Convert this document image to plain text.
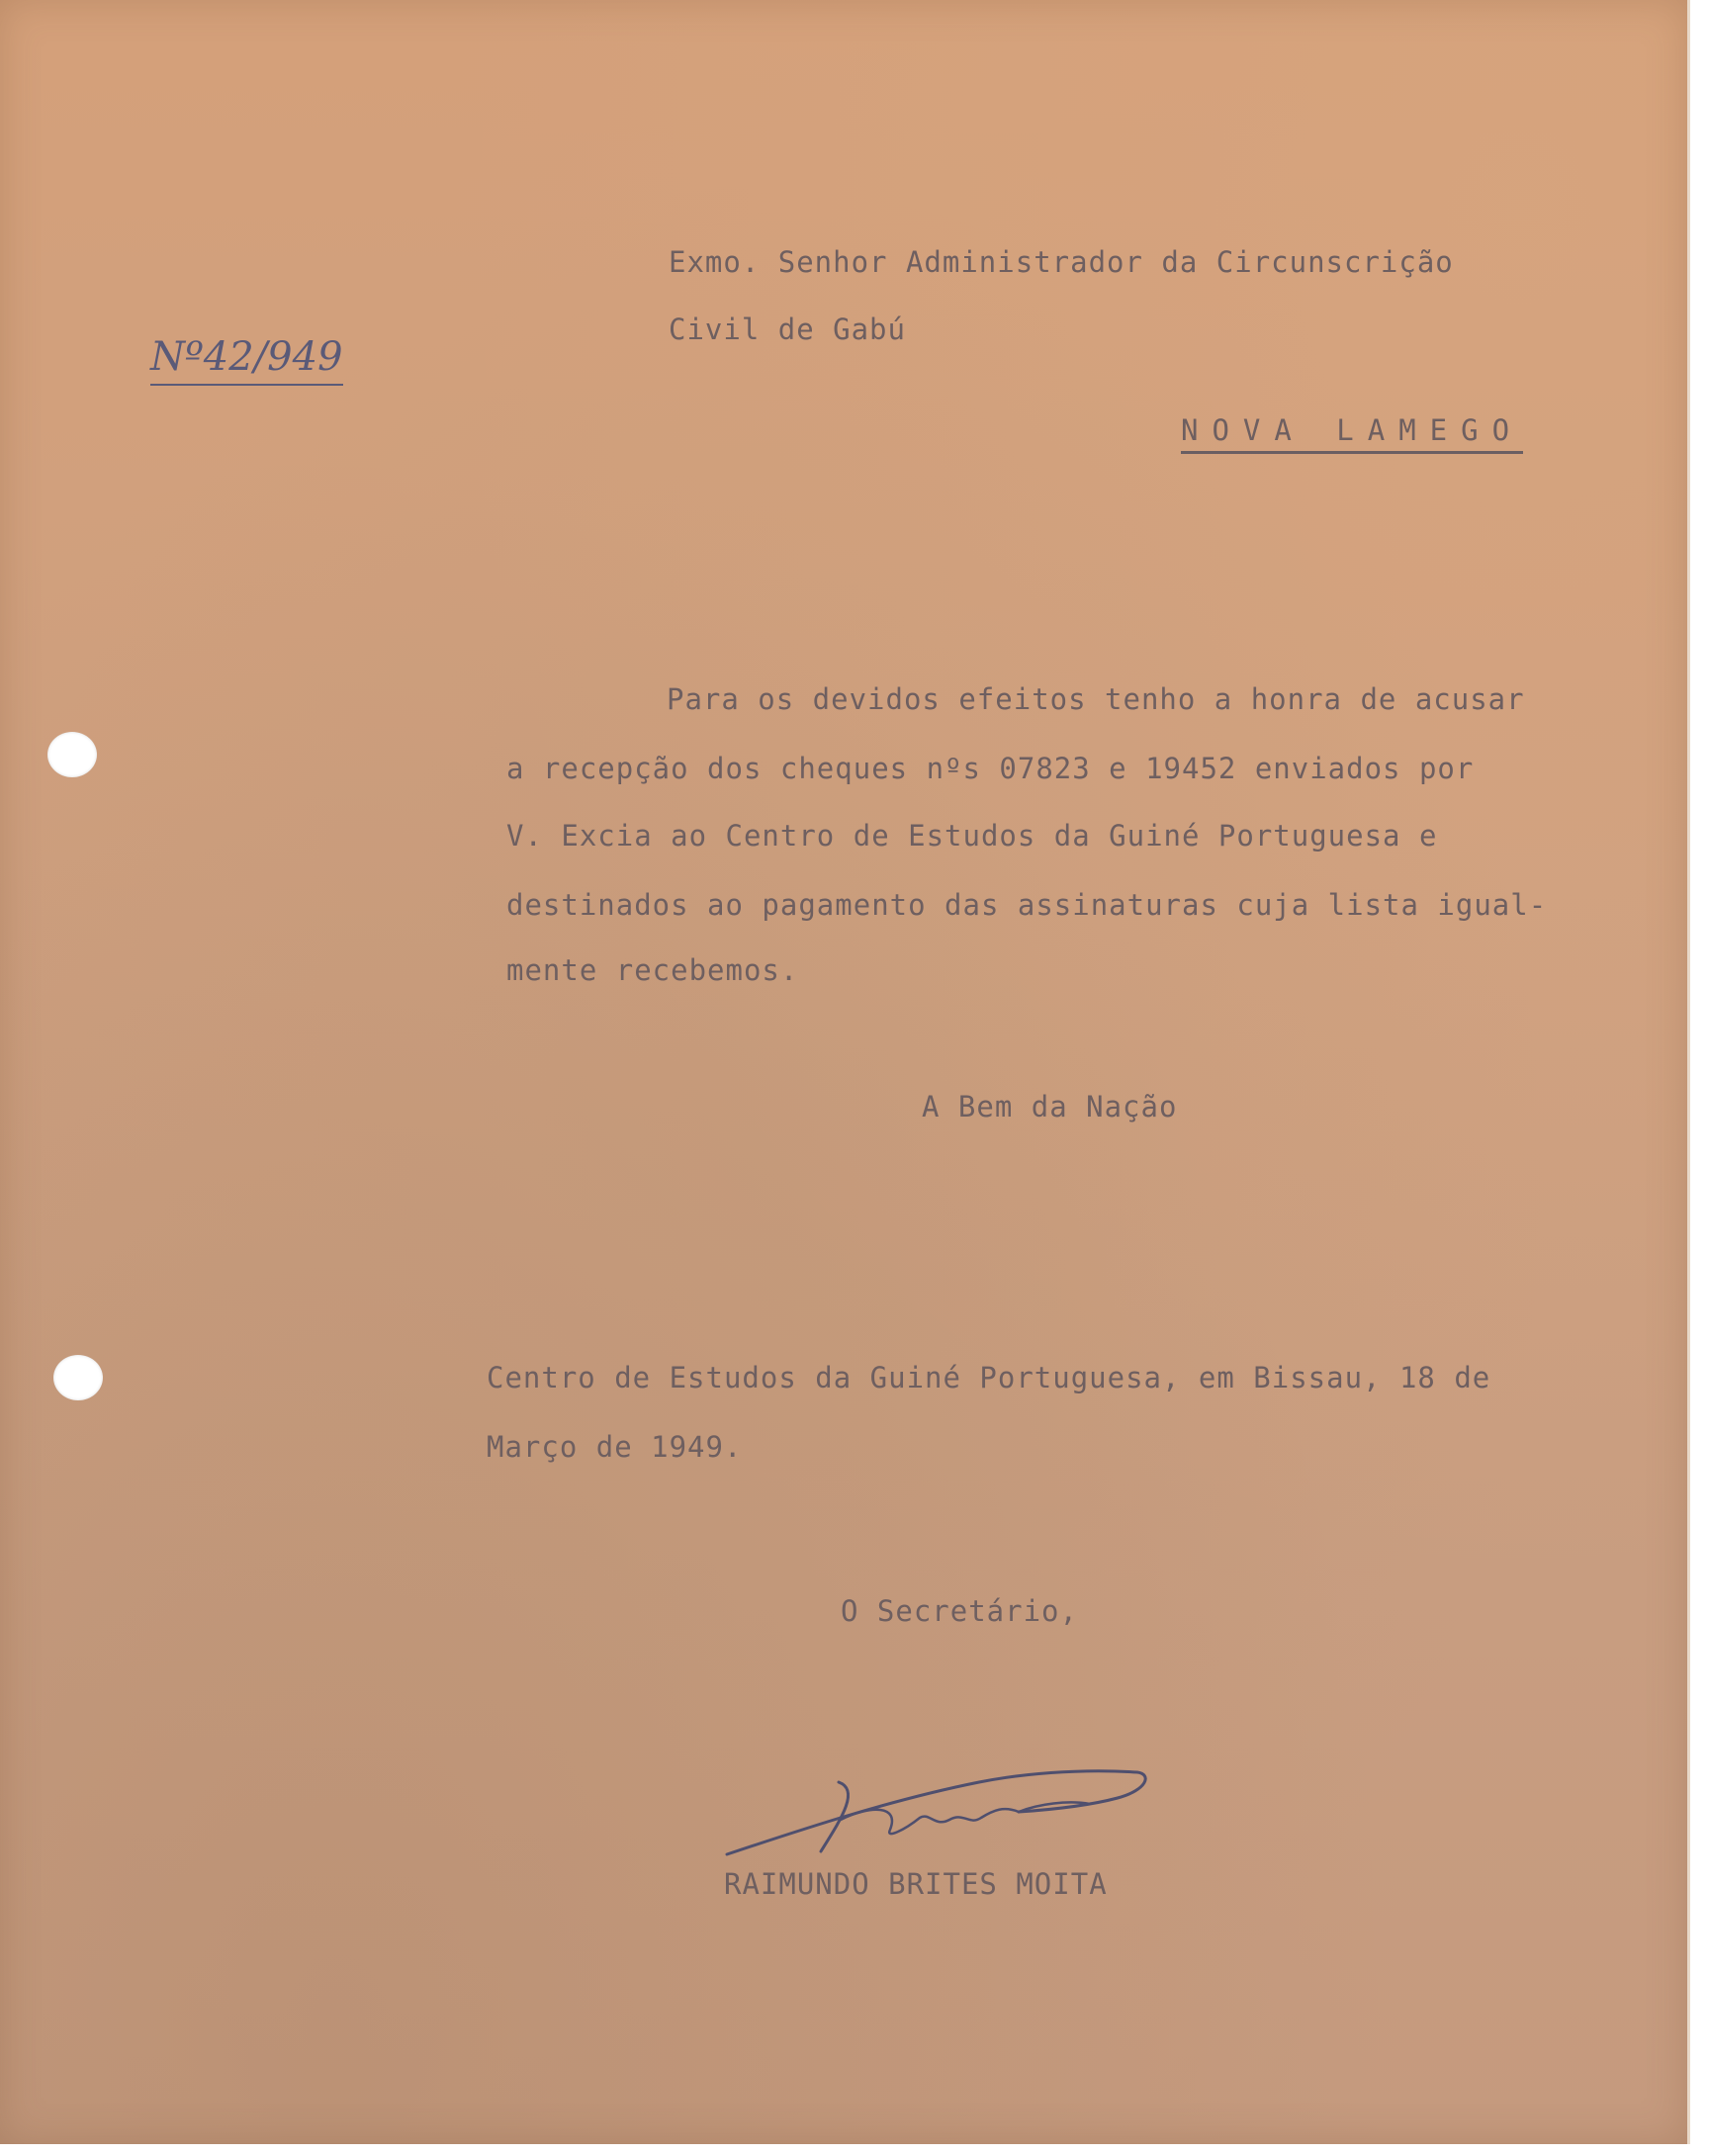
Nº42/949

Exmo. Senhor Administrador da Circunscrição

Civil de Gabú

NOVA LAMEGO

Para os devidos efeitos tenho a honra de acusar

a recepção dos cheques nºs 07823 e 19452 enviados por

V. Excia ao Centro de Estudos da Guiné Portuguesa e

destinados ao pagamento das assinaturas cuja lista igual-

mente recebemos.

A Bem da Nação

Centro de Estudos da Guiné Portuguesa, em Bissau, 18 de

Março de 1949.

O Secretário,

RAIMUNDO BRITES MOITA
